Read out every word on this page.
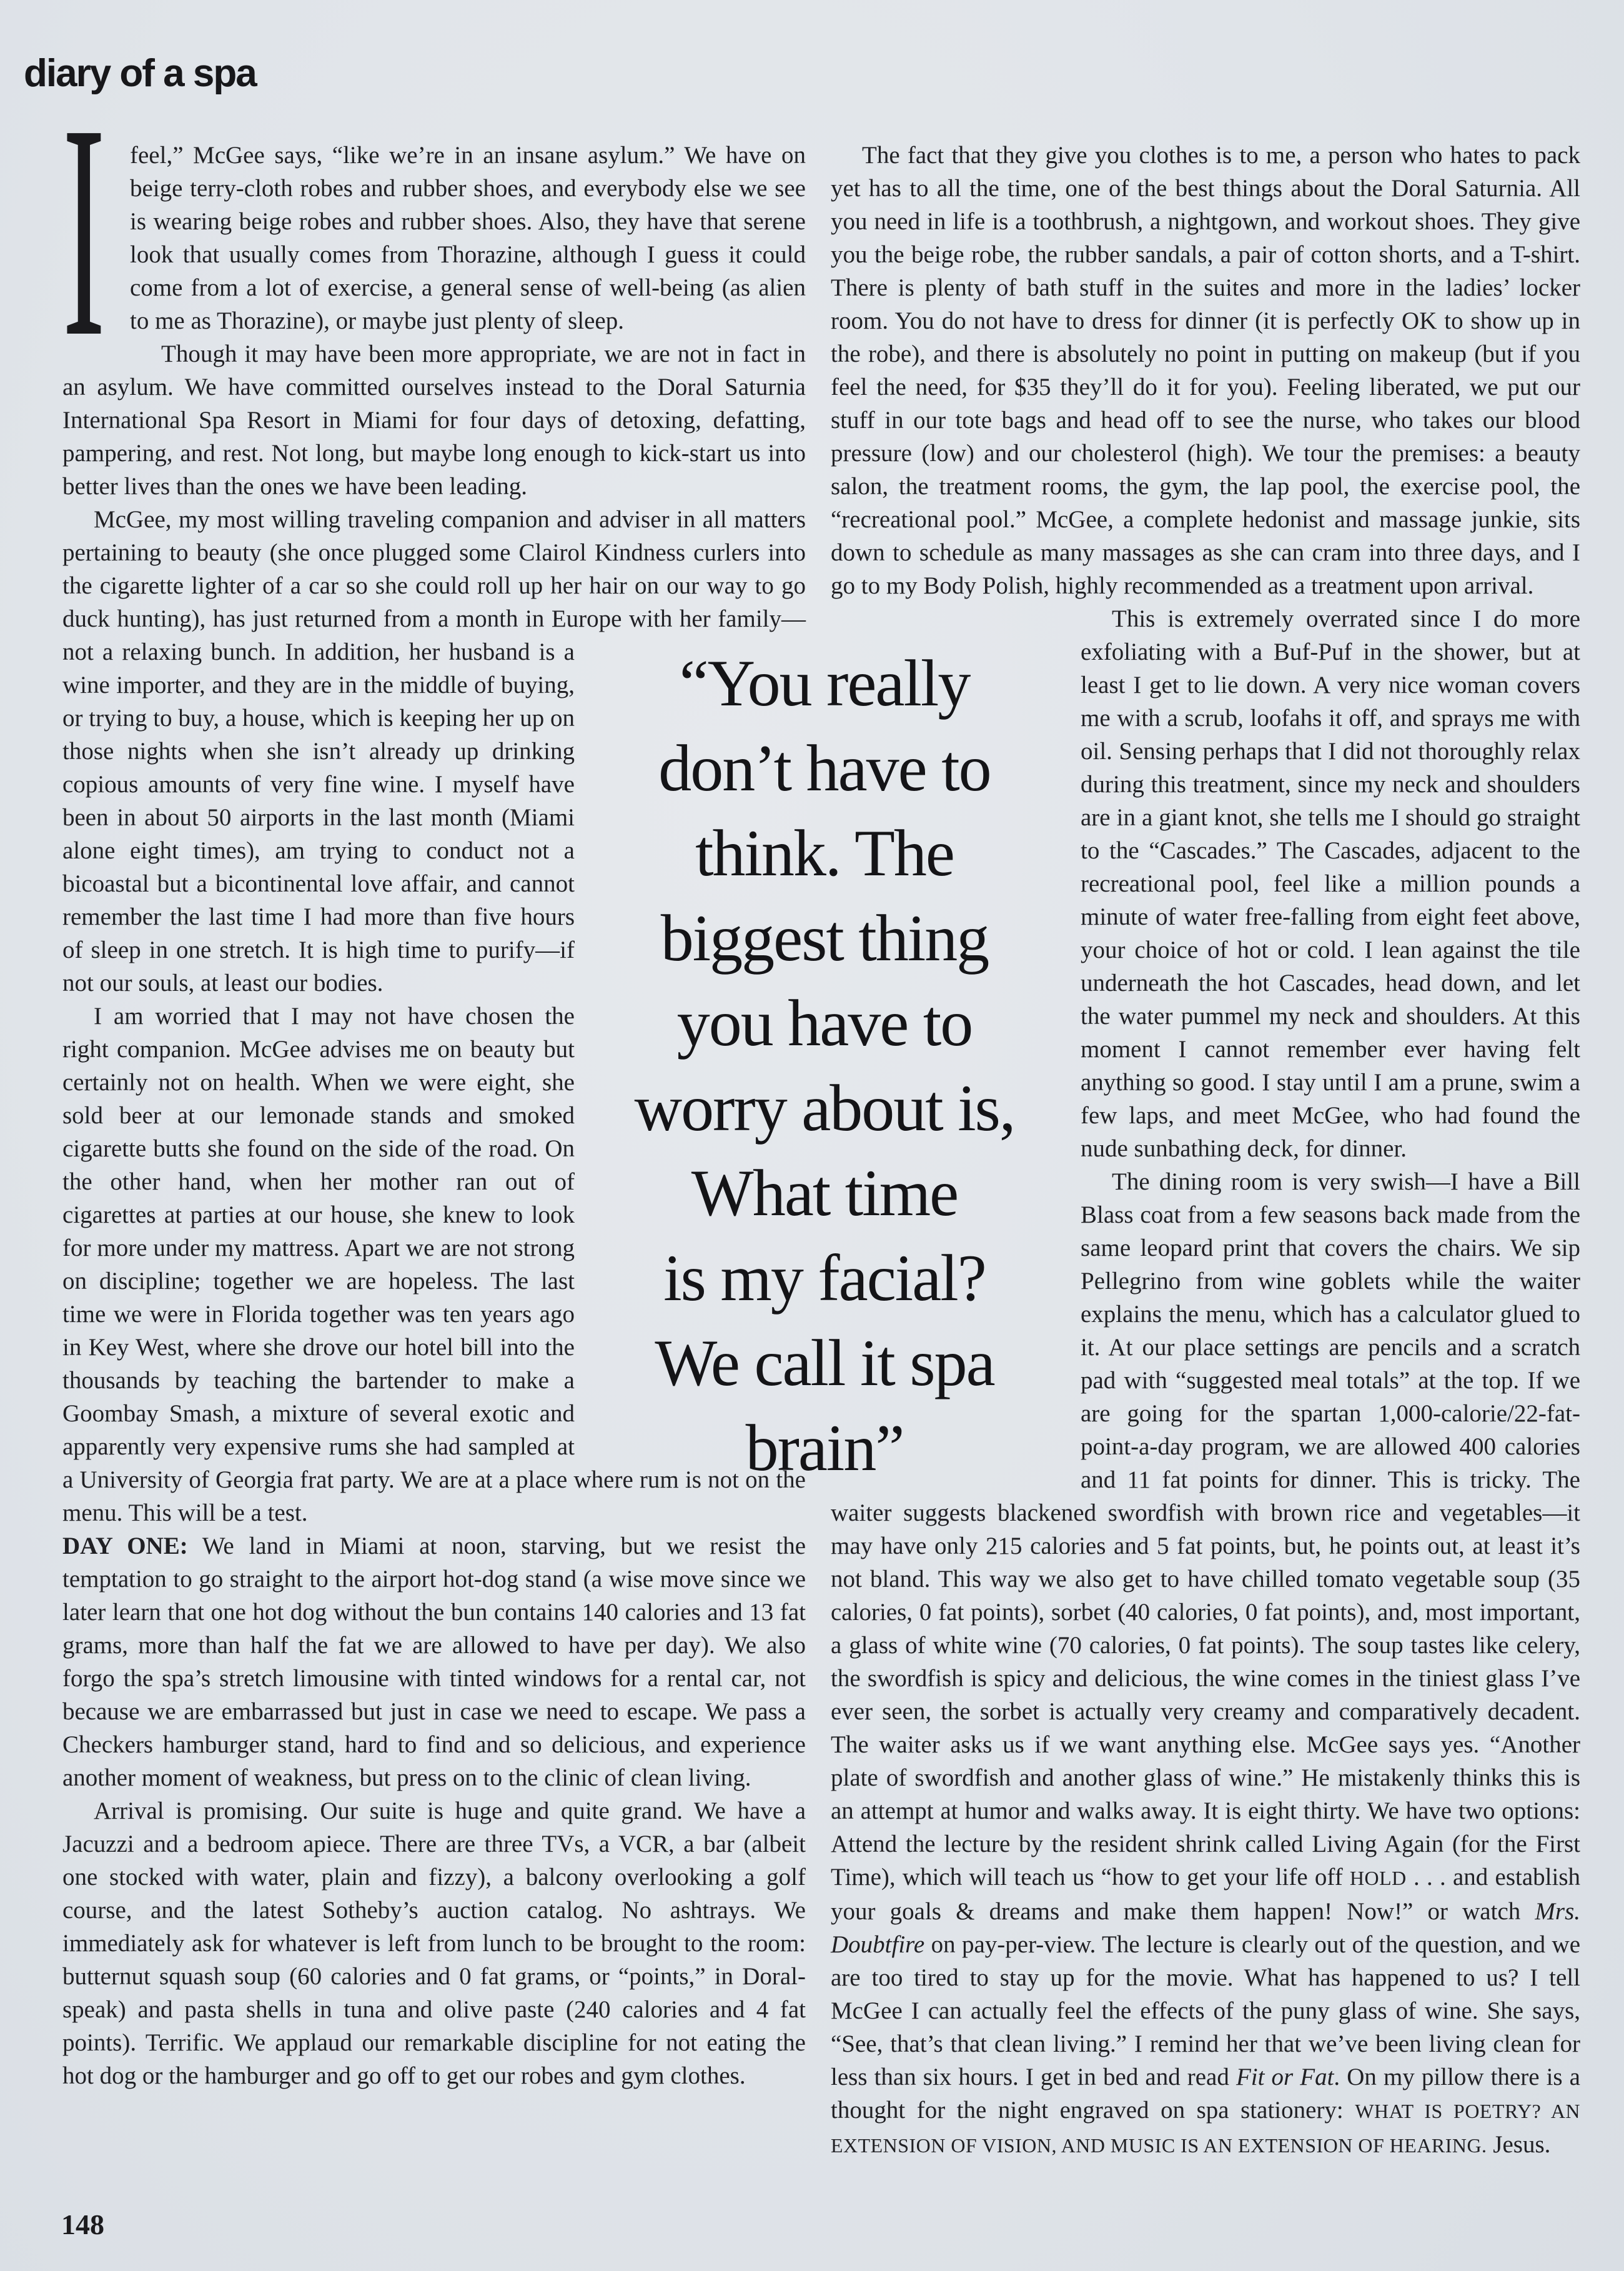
diary of a spa

I feel,” McGee says, “like we’re in an insane asylum.” We have on beige terry-cloth robes and rubber shoes, and everybody else we see is wearing beige robes and rubber shoes. Also, they have that serene look that usually comes from Thorazine, although I guess it could come from a lot of exercise, a general sense of well-being (as alien to me as Thorazine), or maybe just plenty of sleep.

Though it may have been more appropriate, we are not in fact in an asylum. We have committed ourselves instead to the Doral Saturnia International Spa Resort in Miami for four days of detoxing, defatting, pampering, and rest. Not long, but maybe long enough to kick-start us into better lives than the ones we have been leading.

McGee, my most willing traveling companion and adviser in all matters pertaining to beauty (she once plugged some Clairol Kindness curlers into the cigarette lighter of a car so she could roll up her hair on our way to go duck hunting), has just returned from a month in Europe with her family—not a relaxing bunch. In addition, her husband is a wine importer, and they are in the middle of buying, or trying to buy, a house, which is keeping her up on those nights when she isn’t already up drinking copious amounts of very fine wine. I myself have been in about 50 airports in the last month (Miami alone eight times), am trying to conduct not a bicoastal but a bicontinental love affair, and cannot remember the last time I had more than five hours of sleep in one stretch. It is high time to purify—if not our souls, at least our bodies.

I am worried that I may not have chosen the right companion. McGee advises me on beauty but certainly not on health. When we were eight, she sold beer at our lemonade stands and smoked cigarette butts she found on the side of the road. On the other hand, when her mother ran out of cigarettes at parties at our house, she knew to look for more under my mattress. Apart we are not strong on discipline; together we are hopeless. The last time we were in Florida together was ten years ago in Key West, where she drove our hotel bill into the thousands by teaching the bartender to make a Goombay Smash, a mixture of several exotic and apparently very expensive rums she had sampled at a University of Georgia frat party. We are at a place where rum is not on the menu. This will be a test.

DAY ONE: We land in Miami at noon, starving, but we resist the temptation to go straight to the airport hot-dog stand (a wise move since we later learn that one hot dog without the bun contains 140 calories and 13 fat grams, more than half the fat we are allowed to have per day). We also forgo the spa’s stretch limousine with tinted windows for a rental car, not because we are embarrassed but just in case we need to escape. We pass a Checkers hamburger stand, hard to find and so delicious, and experience another moment of weakness, but press on to the clinic of clean living.

Arrival is promising. Our suite is huge and quite grand. We have a Jacuzzi and a bedroom apiece. There are three TVs, a VCR, a bar (albeit one stocked with water, plain and fizzy), a balcony overlooking a golf course, and the latest Sotheby’s auction catalog. No ashtrays. We immediately ask for whatever is left from lunch to be brought to the room: butternut squash soup (60 calories and 0 fat grams, or “points,” in Doral-speak) and pasta shells in tuna and olive paste (240 calories and 4 fat points). Terrific. We applaud our remarkable discipline for not eating the hot dog or the hamburger and go off to get our robes and gym clothes.

The fact that they give you clothes is to me, a person who hates to pack yet has to all the time, one of the best things about the Doral Saturnia. All you need in life is a toothbrush, a nightgown, and workout shoes. They give you the beige robe, the rubber sandals, a pair of cotton shorts, and a T-shirt. There is plenty of bath stuff in the suites and more in the ladies’ locker room. You do not have to dress for dinner (it is perfectly OK to show up in the robe), and there is absolutely no point in putting on makeup (but if you feel the need, for $35 they’ll do it for you). Feeling liberated, we put our stuff in our tote bags and head off to see the nurse, who takes our blood pressure (low) and our cholesterol (high). We tour the premises: a beauty salon, the treatment rooms, the gym, the lap pool, the exercise pool, the “recreational pool.” McGee, a complete hedonist and massage junkie, sits down to schedule as many massages as she can cram into three days, and I go to my Body Polish, highly recommended as a treatment upon arrival.

This is extremely overrated since I do more exfoliating with a Buf-Puf in the shower, but at least I get to lie down. A very nice woman covers me with a scrub, loofahs it off, and sprays me with oil. Sensing perhaps that I did not thoroughly relax during this treatment, since my neck and shoulders are in a giant knot, she tells me I should go straight to the “Cascades.” The Cascades, adjacent to the recreational pool, feel like a million pounds a minute of water free-falling from eight feet above, your choice of hot or cold. I lean against the tile underneath the hot Cascades, head down, and let the water pummel my neck and shoulders. At this moment I cannot remember ever having felt anything so good. I stay until I am a prune, swim a few laps, and meet McGee, who had found the nude sunbathing deck, for dinner.

The dining room is very swish—I have a Bill Blass coat from a few seasons back made from the same leopard print that covers the chairs. We sip Pellegrino from wine goblets while the waiter explains the menu, which has a calculator glued to it. At our place settings are pencils and a scratch pad with “suggested meal totals” at the top. If we are going for the spartan 1,000-calorie/22-fat-point-a-day program, we are allowed 400 calories and 11 fat points for dinner. This is tricky. The waiter suggests blackened swordfish with brown rice and vegetables—it may have only 215 calories and 5 fat points, but, he points out, at least it’s not bland. This way we also get to have chilled tomato vegetable soup (35 calories, 0 fat points), sorbet (40 calories, 0 fat points), and, most important, a glass of white wine (70 calories, 0 fat points). The soup tastes like celery, the swordfish is spicy and delicious, the wine comes in the tiniest glass I’ve ever seen, the sorbet is actually very creamy and comparatively decadent. The waiter asks us if we want anything else. McGee says yes. “Another plate of swordfish and another glass of wine.” He mistakenly thinks this is an attempt at humor and walks away. It is eight thirty. We have two options: Attend the lecture by the resident shrink called Living Again (for the First Time), which will teach us “how to get your life off HOLD . . . and establish your goals & dreams and make them happen! Now!” or watch Mrs. Doubtfire on pay-per-view. The lecture is clearly out of the question, and we are too tired to stay up for the movie. What has happened to us? I tell McGee I can actually feel the effects of the puny glass of wine. She says, “See, that’s that clean living.” I remind her that we’ve been living clean for less than six hours. I get in bed and read Fit or Fat. On my pillow there is a thought for the night engraved on spa stationery: WHAT IS POETRY? AN EXTENSION OF VISION, AND MUSIC IS AN EXTENSION OF HEARING. Jesus.

“You really
don’t have to
think. The
biggest thing
you have to
worry about is,
What time
is my facial?
We call it spa
brain”
148
